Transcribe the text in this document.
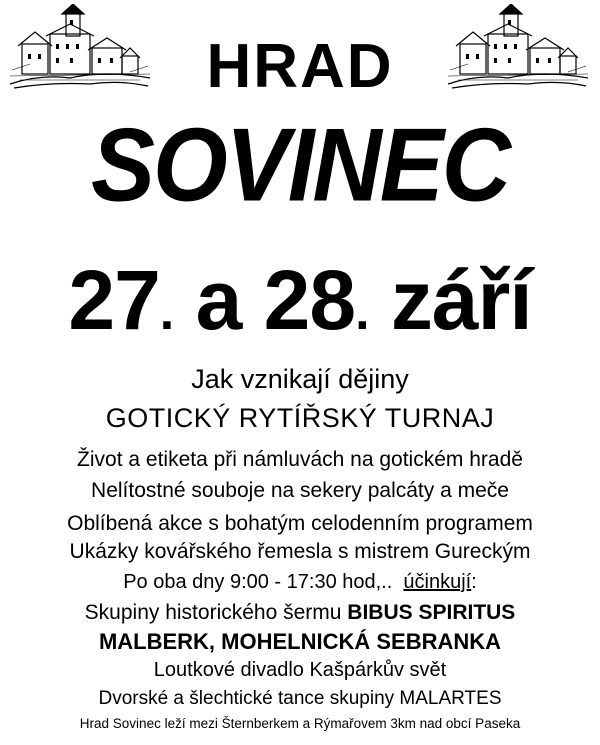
HRAD
SOVINEC
27. a 28. září
Jak vznikají dějiny
GOTICKÝ RYTÍŘSKÝ TURNAJ
Život a etiketa při námluvách na gotickém hradě
Nelítostné souboje na sekery palcáty a meče
Oblíbená akce s bohatým celodenním programem
Ukázky kovářského řemesla s mistrem Gureckým
Po oba dny 9:00 - 17:30 hod,.. účinkují:
Skupiny historického šermu BIBUS SPIRITUS
MALBERK, MOHELNICKÁ SEBRANKA
Loutkové divadlo Kašpárkův svět
Dvorské a šlechtické tance skupiny MALARTES
Hrad Sovinec leží mezi Šternberkem a Rýmařovem 3km nad obcí Paseka
